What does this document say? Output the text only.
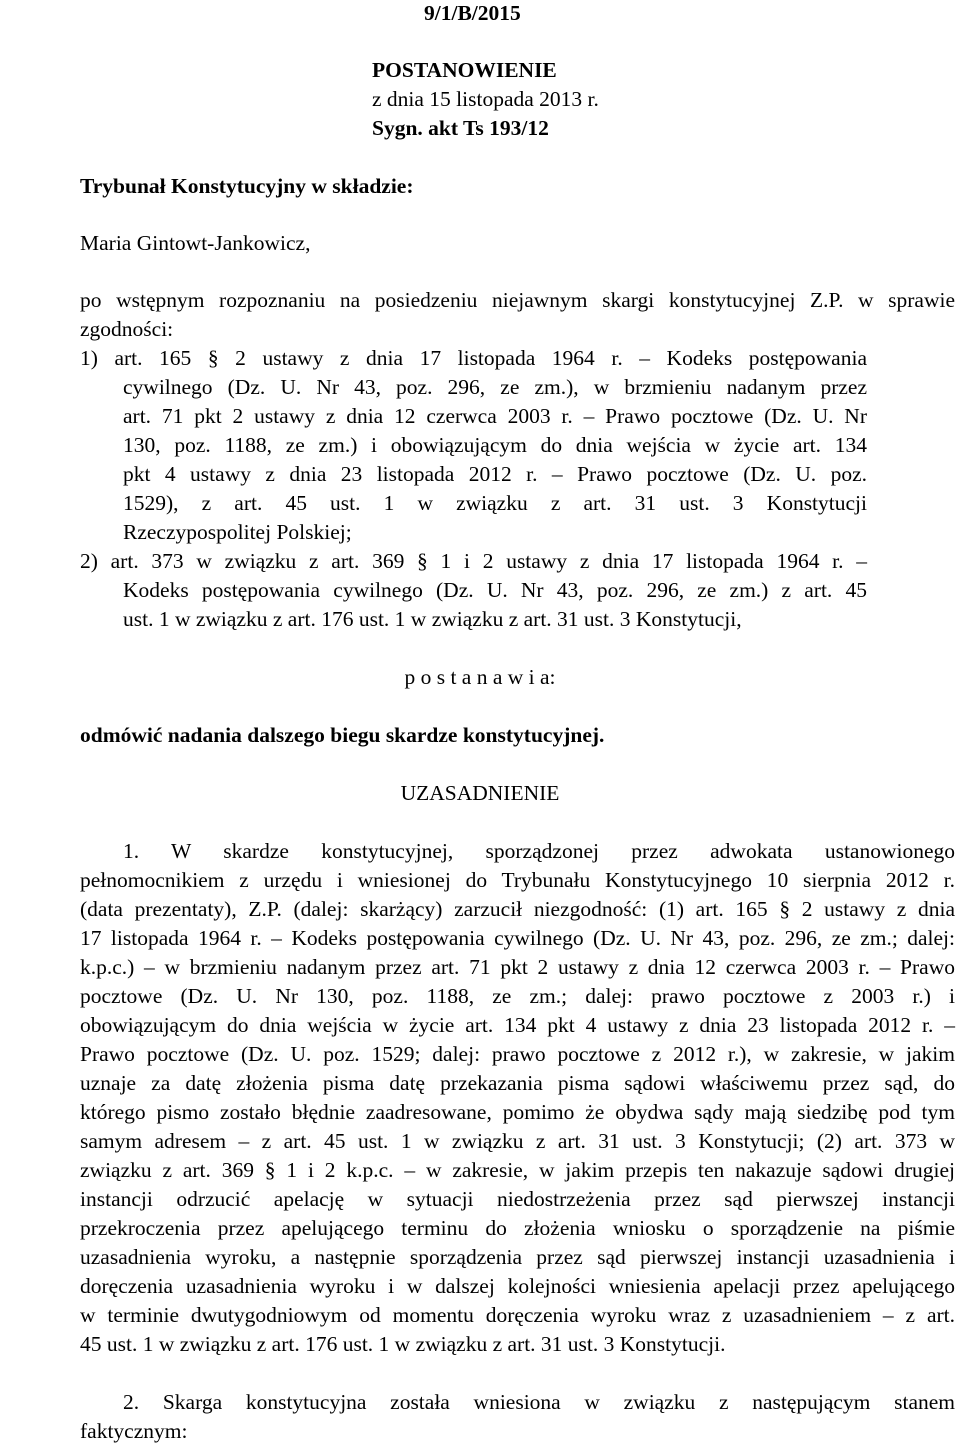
9/1/B/2015
POSTANOWIENIE
z dnia 15 listopada 2013 r.
Sygn. akt Ts 193/12
Trybunał Konstytucyjny w składzie:
Maria Gintowt-Jankowicz,
po wstępnym rozpoznaniu na posiedzeniu niejawnym skargi konstytucyjnej Z.P. w sprawie
zgodności:
1) art. 165 § 2 ustawy z dnia 17 listopada 1964 r. – Kodeks postępowania
cywilnego (Dz. U. Nr 43, poz. 296, ze zm.), w brzmieniu nadanym przez
art. 71 pkt 2 ustawy z dnia 12 czerwca 2003 r. – Prawo pocztowe (Dz. U. Nr
130, poz. 1188, ze zm.) i obowiązującym do dnia wejścia w życie art. 134
pkt 4 ustawy z dnia 23 listopada 2012 r. – Prawo pocztowe (Dz. U. poz.
1529), z art. 45 ust. 1 w związku z art. 31 ust. 3 Konstytucji
Rzeczypospolitej Polskiej;
2) art. 373 w związku z art. 369 § 1 i 2 ustawy z dnia 17 listopada 1964 r. –
Kodeks postępowania cywilnego (Dz. U. Nr 43, poz. 296, ze zm.) z art. 45
ust. 1 w związku z art. 176 ust. 1 w związku z art. 31 ust. 3 Konstytucji,
p o s t a n a w i a:
odmówić nadania dalszego biegu skardze konstytucyjnej.
UZASADNIENIE
1. W skardze konstytucyjnej, sporządzonej przez adwokata ustanowionego
pełnomocnikiem z urzędu i wniesionej do Trybunału Konstytucyjnego 10 sierpnia 2012 r.
(data prezentaty), Z.P. (dalej: skarżący) zarzucił niezgodność: (1) art. 165 § 2 ustawy z dnia
17 listopada 1964 r. – Kodeks postępowania cywilnego (Dz. U. Nr 43, poz. 296, ze zm.; dalej:
k.p.c.) – w brzmieniu nadanym przez art. 71 pkt 2 ustawy z dnia 12 czerwca 2003 r. – Prawo
pocztowe (Dz. U. Nr 130, poz. 1188, ze zm.; dalej: prawo pocztowe z 2003 r.) i
obowiązującym do dnia wejścia w życie art. 134 pkt 4 ustawy z dnia 23 listopada 2012 r. –
Prawo pocztowe (Dz. U. poz. 1529; dalej: prawo pocztowe z 2012 r.), w zakresie, w jakim
uznaje za datę złożenia pisma datę przekazania pisma sądowi właściwemu przez sąd, do
którego pismo zostało błędnie zaadresowane, pomimo że obydwa sądy mają siedzibę pod tym
samym adresem – z art. 45 ust. 1 w związku z art. 31 ust. 3 Konstytucji; (2) art. 373 w
związku z art. 369 § 1 i 2 k.p.c. – w zakresie, w jakim przepis ten nakazuje sądowi drugiej
instancji odrzucić apelację w sytuacji niedostrzeżenia przez sąd pierwszej instancji
przekroczenia przez apelującego terminu do złożenia wniosku o sporządzenie na piśmie
uzasadnienia wyroku, a następnie sporządzenia przez sąd pierwszej instancji uzasadnienia i
doręczenia uzasadnienia wyroku i w dalszej kolejności wniesienia apelacji przez apelującego
w terminie dwutygodniowym od momentu doręczenia wyroku wraz z uzasadnieniem – z art.
45 ust. 1 w związku z art. 176 ust. 1 w związku z art. 31 ust. 3 Konstytucji.
2. Skarga konstytucyjna została wniesiona w związku z następującym stanem
faktycznym:
